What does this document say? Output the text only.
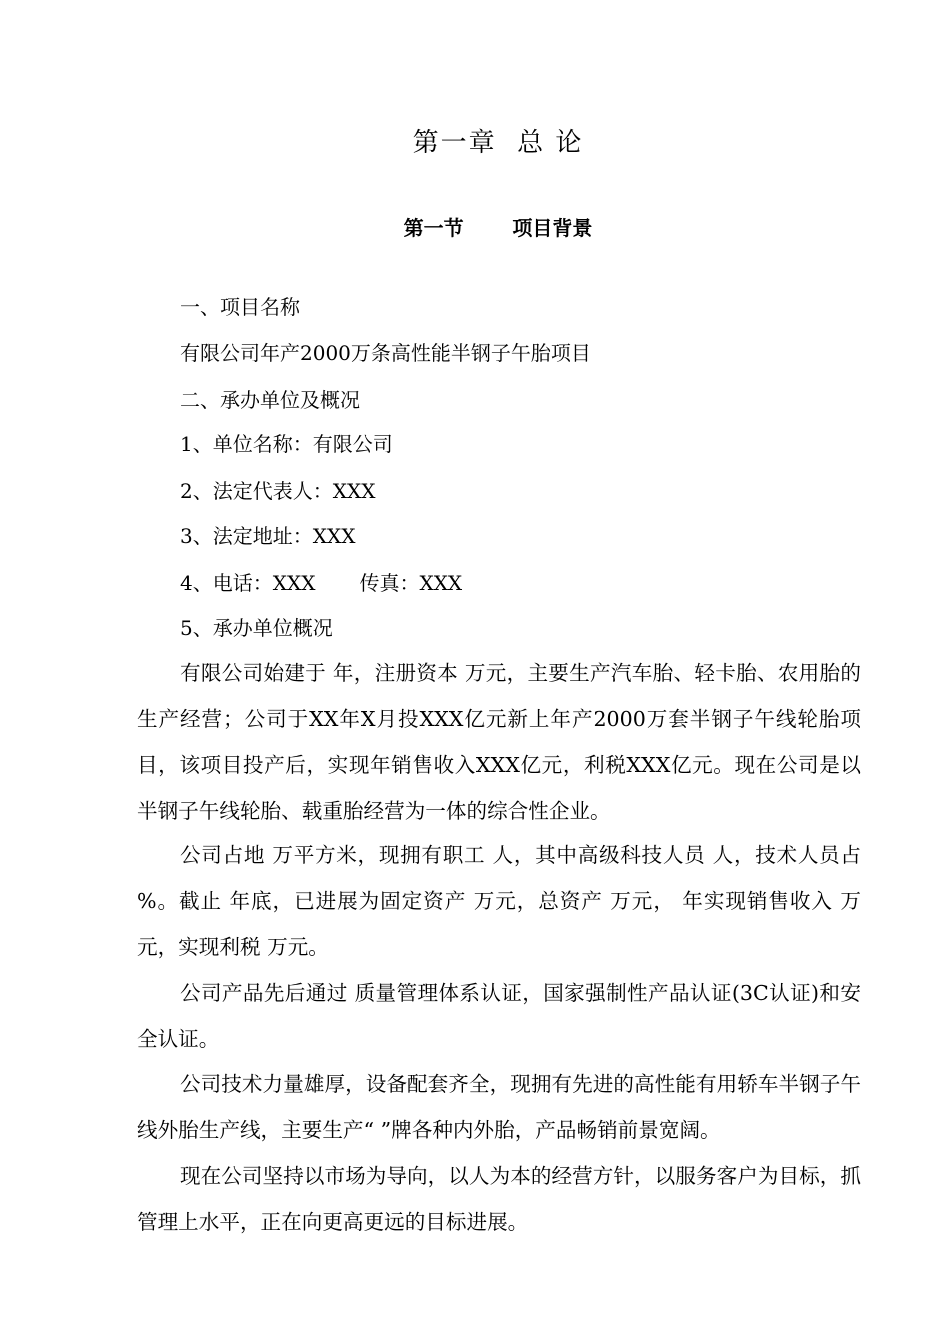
第一章  总 论
第一节       项目背景
一、项目名称
有限公司年产2000万条高性能半钢子午胎项目
二、承办单位及概况
1、单位名称：有限公司
2、法定代表人：XXX
3、法定地址：XXX
4、电话：XXX 传真：XXX
5、承办单位概况

有限公司始建于 年，注册资本 万元，主要生产汽车胎、轻卡胎、农用胎的生产经营；公司于XX年X月投XXX亿元新上年产2000万套半钢子午线轮胎项目，该项目投产后，实现年销售收入XXX亿元，利税XXX亿元。现在公司是以半钢子午线轮胎、载重胎经营为一体的综合性企业。

公司占地 万平方米，现拥有职工 人，其中高级科技人员 人，技术人员占 %。截止 年底，已进展为固定资产 万元，总资产 万元， 年实现销售收入 万元，实现利税 万元。

公司产品先后通过 质量管理体系认证，国家强制性产品认证(3C认证)和安全认证。

公司技术力量雄厚，设备配套齐全，现拥有先进的高性能有用轿车半钢子午线外胎生产线，主要生产“ ”牌各种内外胎，产品畅销前景宽阔。

现在公司坚持以市场为导向，以人为本的经营方针，以服务客户为目标，抓管理上水平，正在向更高更远的目标进展。
